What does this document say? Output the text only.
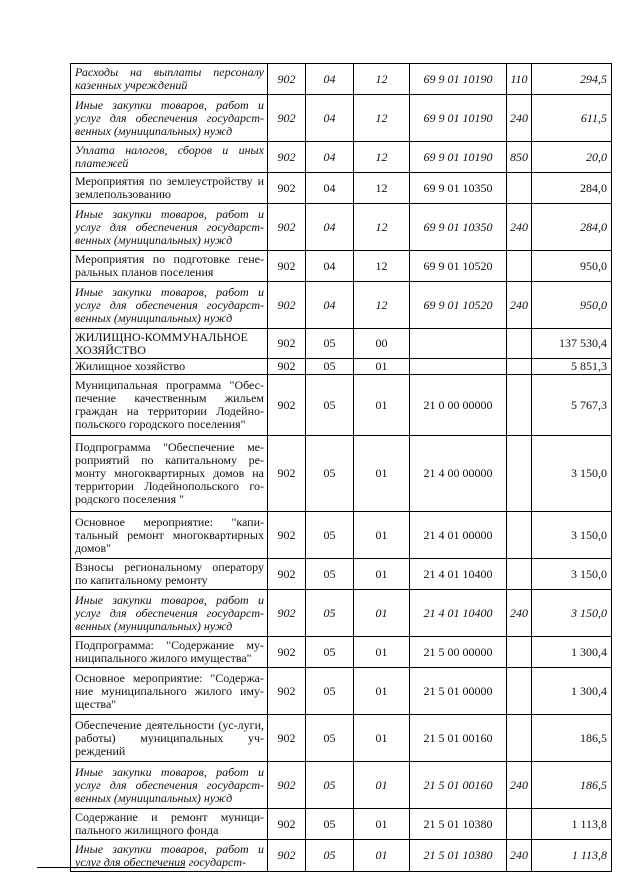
Расходы на выплаты персоналу казенных учреждений	902	04	12	69 9 01 10190	110	294,5
Иные закупки товаров, работ и услуг для обеспечения государст-венных (муниципальных) нужд	902	04	12	69 9 01 10190	240	611,5
Уплата налогов, сборов и иных платежей	902	04	12	69 9 01 10190	850	20,0
Мероприятия по землеустройству и землепользованию	902	04	12	69 9 01 10350		284,0
Иные закупки товаров, работ и услуг для обеспечения государст-венных (муниципальных) нужд	902	04	12	69 9 01 10350	240	284,0
Мероприятия по подготовке гене-ральных планов поселения	902	04	12	69 9 01 10520		950,0
Иные закупки товаров, работ и услуг для обеспечения государст-венных (муниципальных) нужд	902	04	12	69 9 01 10520	240	950,0
ЖИЛИЩНО-КОММУНАЛЬНОЕ ХОЗЯЙСТВО	902	05	00			137 530,4
Жилищное хозяйство	902	05	01			5 851,3
Муниципальная программа "Обес-печение качественным жильем граждан на территории Лодейно-польского городского поселения"	902	05	01	21 0 00 00000		5 767,3
Подпрограмма "Обеспечение ме-роприятий по капитальному ре-монту многоквартирных домов на территории Лодейнопольского го-родского поселения "	902	05	01	21 4 00 00000		3 150,0
Основное мероприятие: "капи-тальный ремонт многоквартирных домов"	902	05	01	21 4 01 00000		3 150,0
Взносы региональному оператору по капитальному ремонту	902	05	01	21 4 01 10400		3 150,0
Иные закупки товаров, работ и услуг для обеспечения государст-венных (муниципальных) нужд	902	05	01	21 4 01 10400	240	3 150,0
Подпрограмма: "Содержание му-ниципального жилого имущества"	902	05	01	21 5 00 00000		1 300,4
Основное мероприятие: "Содержа-ние муниципального жилого иму-щества"	902	05	01	21 5 01 00000		1 300,4
Обеспечение деятельности (ус-луги, работы) муниципальных уч-реждений	902	05	01	21 5 01 00160		186,5
Иные закупки товаров, работ и услуг для обеспечения государст-венных (муниципальных) нужд	902	05	01	21 5 01 00160	240	186,5
Содержание и ремонт муници-пального жилищного фонда	902	05	01	21 5 01 10380		1 113,8
Иные закупки товаров, работ и услуг для обеспечения государст-	902	05	01	21 5 01 10380	240	1 113,8
